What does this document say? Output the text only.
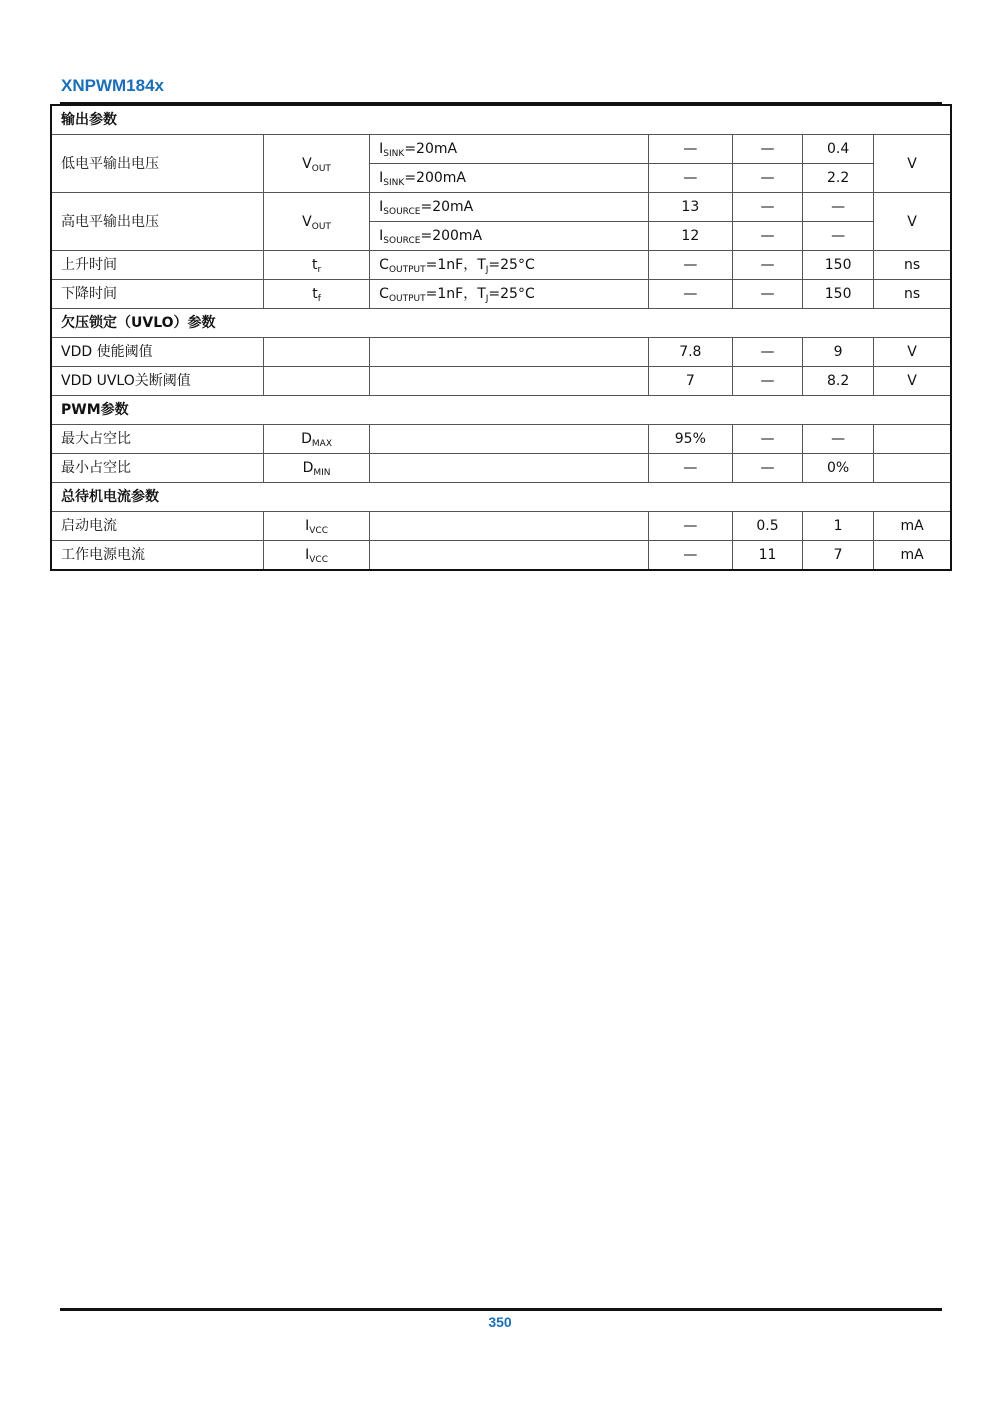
XNPWM184x
输出参数						
低电平输出电压	$V_{OUT}$	$I_{SINK}=20mA$	—	—	0.4	V
		$I_{SINK}=200mA$	—	—	2.2	
高电平输出电压	$V_{OUT}$	$I_{SOURCE}=20mA$	13	—	—	V
		$I_{SOURCE}=200mA$	12	—	—	
上升时间	$t_r$	$C_{OUTPUT}=1nF$，$T_J=25^\circ C$	—	—	150	ns
下降时间	$t_f$	$C_{OUTPUT}=1nF$，$T_J=25^\circ C$	—	—	150	ns
欠压锁定（UVLO）参数						
VDD 使能阈值			7.8	—	9	V
VDD UVLO关断阈值			7	—	8.2	V
PWM参数						
最大占空比	$D_{MAX}$		95%	—	—	
最小占空比	$D_{MIN}$		—	—	0%	
总待机电流参数						
启动电流	$I_{VCC}$		—	0.5	1	mA
工作电源电流	$I_{VCC}$		—	11	7	mA
350
